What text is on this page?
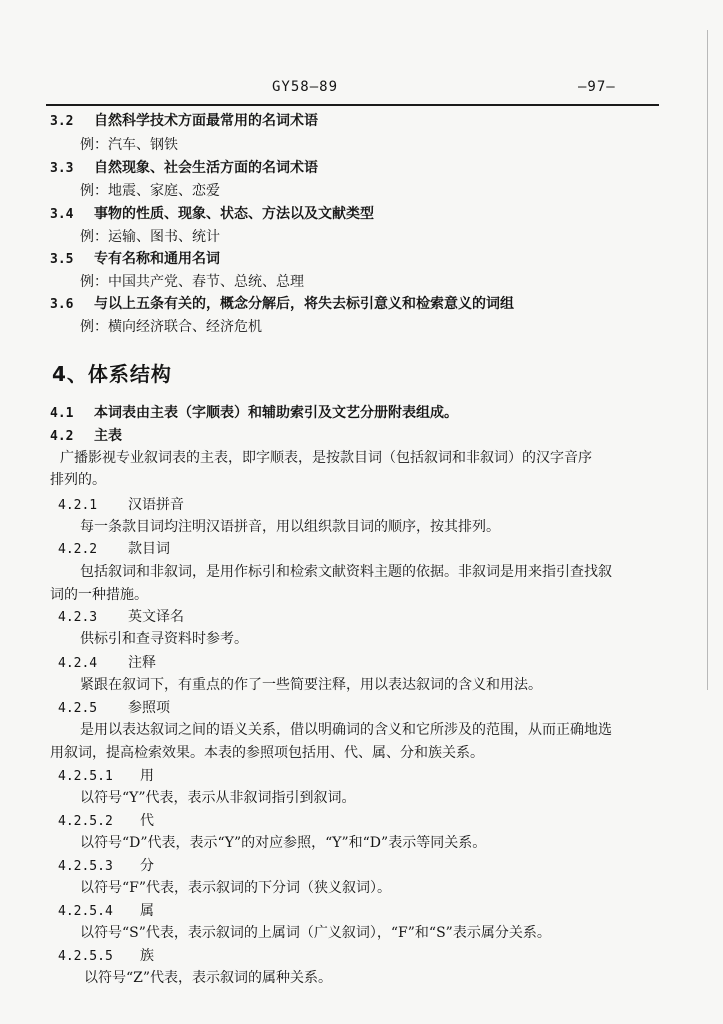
GY58—89	—97—
3.2 自然科学技术方面最常用的名词术语
例：汽车、钢铁
3.3 自然现象、社会生活方面的名词术语
例：地震、家庭、恋爱
3.4 事物的性质、现象、状态、方法以及文献类型
例：运输、图书、统计
3.5 专有名称和通用名词
例：中国共产党、春节、总统、总理
3.6 与以上五条有关的，概念分解后，将失去标引意义和检索意义的词组
例：横向经济联合、经济危机
4、体系结构
4.1 本词表由主表（字顺表）和辅助索引及文艺分册附表组成。
4.2 主表
广播影视专业叙词表的主表，即字顺表，是按款目词（包括叙词和非叙词）的汉字音序
排列的。
4.2.1 汉语拼音
每一条款目词均注明汉语拼音，用以组织款目词的顺序，按其排列。
4.2.2 款目词
包括叙词和非叙词，是用作标引和检索文献资料主题的依据。非叙词是用来指引查找叙
词的一种措施。
4.2.3 英文译名
供标引和查寻资料时参考。
4.2.4 注释
紧跟在叙词下，有重点的作了一些简要注释，用以表达叙词的含义和用法。
4.2.5 参照项
是用以表达叙词之间的语义关系，借以明确词的含义和它所涉及的范围，从而正确地选
用叙词，提高检索效果。本表的参照项包括用、代、属、分和族关系。
4.2.5.1 用
以符号“Y”代表，表示从非叙词指引到叙词。
4.2.5.2 代
以符号“D”代表，表示“Y”的对应参照，“Y”和“D”表示等同关系。
4.2.5.3 分
以符号“F”代表，表示叙词的下分词（狭义叙词）。
4.2.5.4 属
以符号“S”代表，表示叙词的上属词（广义叙词），“F”和“S”表示属分关系。
4.2.5.5 族
以符号“Z”代表，表示叙词的属种关系。
